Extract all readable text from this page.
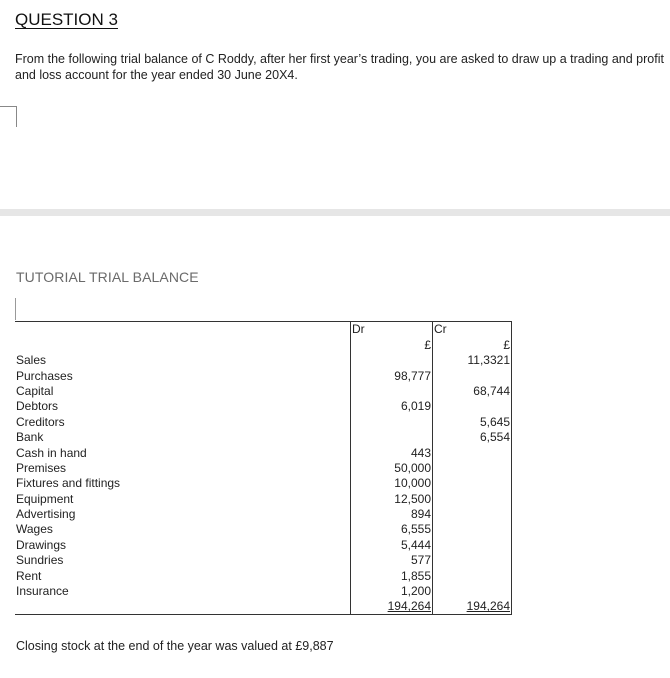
QUESTION 3
From the following trial balance of C Roddy, after her first year’s trading, you are asked to draw up a trading and profit and loss account for the year ended 30 June 20X4.
TUTORIAL TRIAL BALANCE
	Dr	Cr
	£	£
Sales		11,3321
Purchases	98,777	
Capital		68,744
Debtors	6,019	
Creditors		5,645
Bank		6,554
Cash in hand	443	
Premises	50,000	
Fixtures and fittings	10,000	
Equipment	12,500	
Advertising	894	
Wages	6,555	
Drawings	5,444	
Sundries	577	
Rent	1,855	
Insurance	1,200	
	194,264	194,264
Closing stock at the end of the year was valued at £9,887
